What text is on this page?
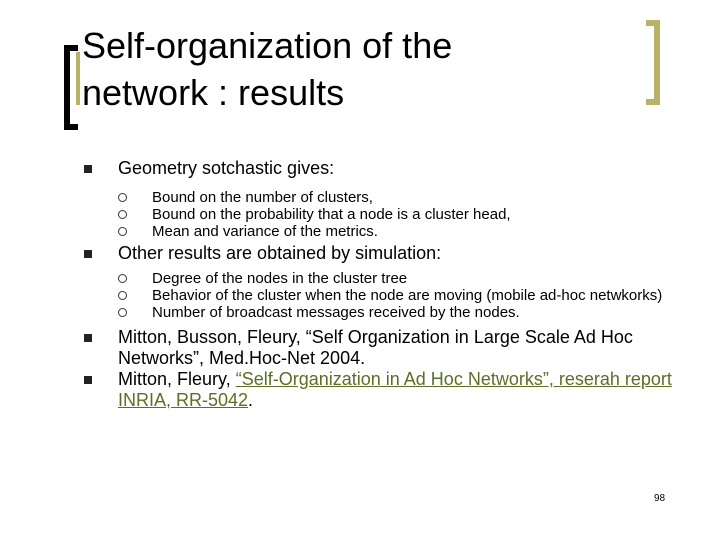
Self-organization of the
network : results
Geometry sotchastic gives:
Bound on the number of clusters,
Bound on the probability that a node is a cluster head,
Mean and variance of the metrics.
Other results are obtained by simulation:
Degree of the nodes in the cluster tree
Behavior of the cluster when the node are moving (mobile ad-hoc netwkorks)
Number of broadcast messages received by the nodes.
Mitton, Busson, Fleury, “Self Organization in Large Scale Ad Hoc Networks”, Med.Hoc-Net 2004.
Mitton, Fleury, “Self-Organization in Ad Hoc Networks”, reserah report INRIA, RR-5042.
98
